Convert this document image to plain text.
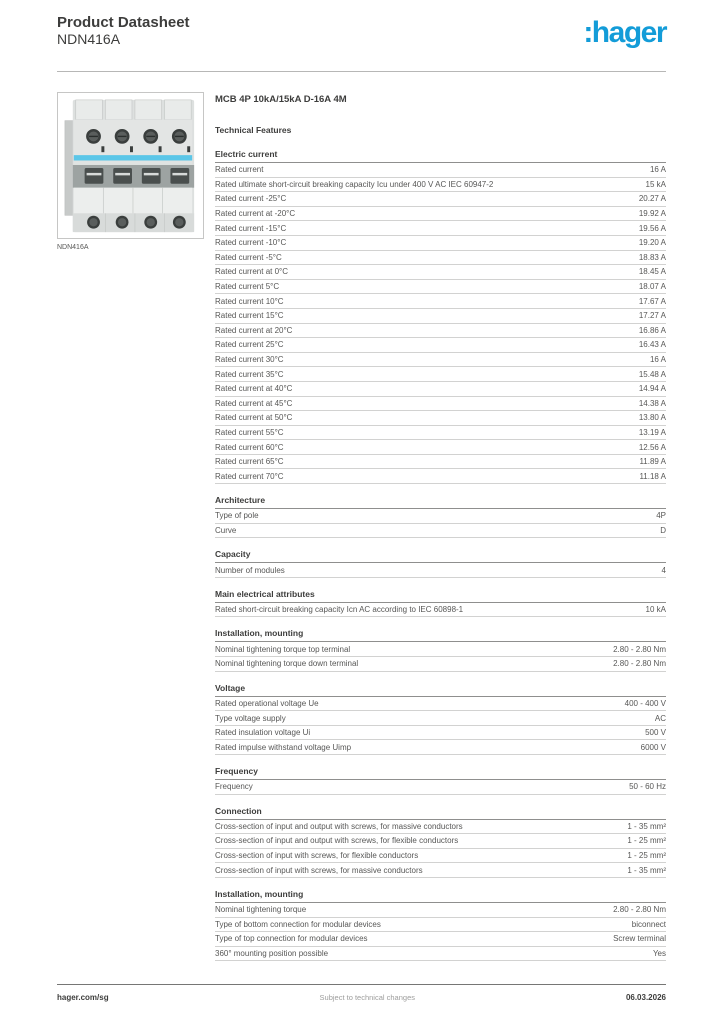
Product Datasheet
NDN416A	:hager
NDN416A
MCB 4P 10kA/15kA D-16A 4M
Technical Features
Electric current
Rated current	16 A
Rated ultimate short-circuit breaking capacity Icu under 400 V AC IEC 60947-2	15 kA
Rated current -25°C	20.27 A
Rated current at -20°C	19.92 A
Rated current -15°C	19.56 A
Rated current -10°C	19.20 A
Rated current -5°C	18.83 A
Rated current at 0°C	18.45 A
Rated current 5°C	18.07 A
Rated current 10°C	17.67 A
Rated current 15°C	17.27 A
Rated current at 20°C	16.86 A
Rated current 25°C	16.43 A
Rated current 30°C	16 A
Rated current 35°C	15.48 A
Rated current at 40°C	14.94 A
Rated current at 45°C	14.38 A
Rated current at 50°C	13.80 A
Rated current 55°C	13.19 A
Rated current 60°C	12.56 A
Rated current 65°C	11.89 A
Rated current 70°C	11.18 A
Architecture
Type of pole	4P
Curve	D
Capacity
Number of modules	4
Main electrical attributes
Rated short-circuit breaking capacity Icn AC according to IEC 60898-1	10 kA
Installation, mounting
Nominal tightening torque top terminal	2.80 - 2.80 Nm
Nominal tightening torque down terminal	2.80 - 2.80 Nm
Voltage
Rated operational voltage Ue	400 - 400 V
Type voltage supply	AC
Rated insulation voltage Ui	500 V
Rated impulse withstand voltage Uimp	6000 V
Frequency
Frequency	50 - 60 Hz
Connection
Cross-section of input and output with screws, for massive conductors	1 - 35 mm²
Cross-section of input and output with screws, for flexible conductors	1 - 25 mm²
Cross-section of input with screws, for flexible conductors	1 - 25 mm²
Cross-section of input with screws, for massive conductors	1 - 35 mm²
Installation, mounting
Nominal tightening torque	2.80 - 2.80 Nm
Type of bottom connection for modular devices	biconnect
Type of top connection for modular devices	Screw terminal
360° mounting position possible	Yes
hager.com/sg	Subject to technical changes	06.03.2026
